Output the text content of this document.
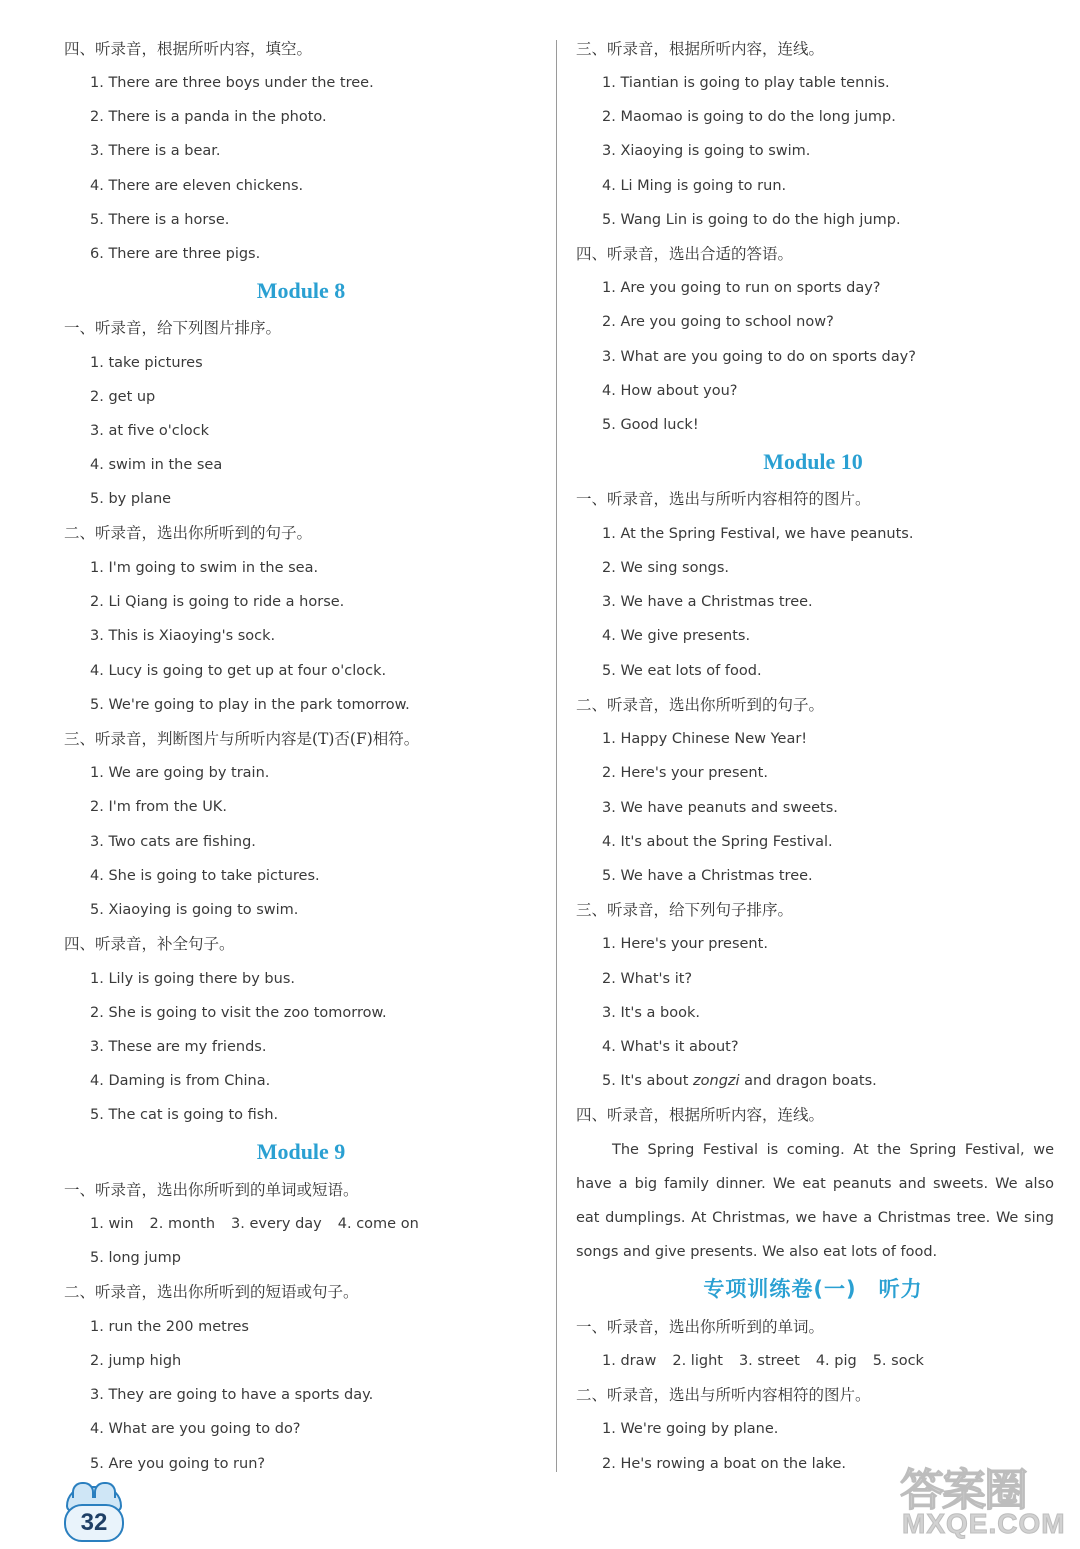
四、听录音，根据所听内容，填空。
1. There are three boys under the tree.
2. There is a panda in the photo.
3. There is a bear.
4. There are eleven chickens.
5. There is a horse.
6. There are three pigs.
Module 8
一、听录音，给下列图片排序。
1. take pictures
2. get up
3. at five o'clock
4. swim in the sea
5. by plane
二、听录音，选出你所听到的句子。
1. I'm going to swim in the sea.
2. Li Qiang is going to ride a horse.
3. This is Xiaoying's sock.
4. Lucy is going to get up at four o'clock.
5. We're going to play in the park tomorrow.
三、听录音，判断图片与所听内容是(T)否(F)相符。
1. We are going by train.
2. I'm from the UK.
3. Two cats are fishing.
4. She is going to take pictures.
5. Xiaoying is going to swim.
四、听录音，补全句子。
1. Lily is going there by bus.
2. She is going to visit the zoo tomorrow.
3. These are my friends.
4. Daming is from China.
5. The cat is going to fish.
Module 9
一、听录音，选出你所听到的单词或短语。
1. win 2. month 3. every day 4. come on
5. long jump
二、听录音，选出你所听到的短语或句子。
1. run the 200 metres
2. jump high
3. They are going to have a sports day.
4. What are you going to do?
5. Are you going to run?
三、听录音，根据所听内容，连线。
1. Tiantian is going to play table tennis.
2. Maomao is going to do the long jump.
3. Xiaoying is going to swim.
4. Li Ming is going to run.
5. Wang Lin is going to do the high jump.
四、听录音，选出合适的答语。
1. Are you going to run on sports day?
2. Are you going to school now?
3. What are you going to do on sports day?
4. How about you?
5. Good luck!
Module 10
一、听录音，选出与所听内容相符的图片。
1. At the Spring Festival, we have peanuts.
2. We sing songs.
3. We have a Christmas tree.
4. We give presents.
5. We eat lots of food.
二、听录音，选出你所听到的句子。
1. Happy Chinese New Year!
2. Here's your present.
3. We have peanuts and sweets.
4. It's about the Spring Festival.
5. We have a Christmas tree.
三、听录音，给下列句子排序。
1. Here's your present.
2. What's it?
3. It's a book.
4. What's it about?
5. It's about zongzi and dragon boats.
四、听录音，根据所听内容，连线。
The Spring Festival is coming. At the Spring Festival, we
have a big family dinner. We eat peanuts and sweets. We also
eat dumplings. At Christmas, we have a Christmas tree. We sing
songs and give presents. We also eat lots of food.
专项训练卷(一)　听力
一、听录音，选出你所听到的单词。
1. draw 2. light 3. street 4. pig 5. sock
二、听录音，选出与所听内容相符的图片。
1. We're going by plane.
2. He's rowing a boat on the lake.
32
答案圈
MXQE.COM
